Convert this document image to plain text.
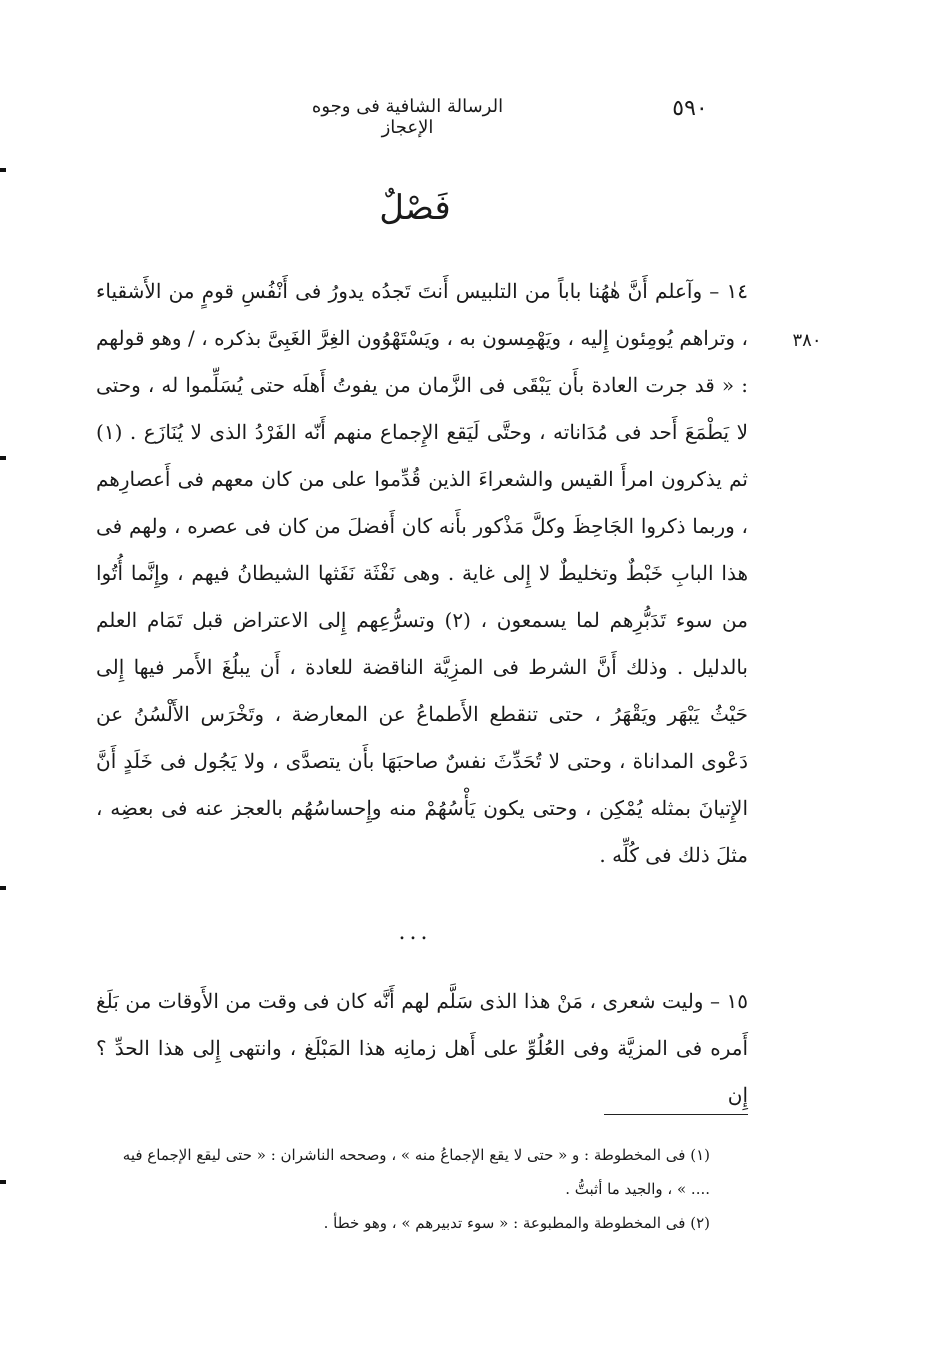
٥٩٠
الرسالة الشافية فى وجوه الإعجاز
فَصْلٌ
٣٨٠

١٤ – وآعلم أَنَّ هٰهُنا باباً من التلبيس أَنتَ تَجدُه يدورُ فى أَنْفُسِ قومٍ من الأَشقياء ، وتراهم يُومِئون إِليه ، ويَهْمِسون به ، ويَسْتَهْوُون الغِرَّ الغَبِىَّ بذكره ، / وهو قولهم : « قد جرت العادة بأَن يَبْقَى فى الزَّمان من يفوتُ أَهلَه حتى يُسَلِّموا له ، وحتى لا يَطْمَعَ أَحد فى مُدَاناته ، وحتَّى لَيَقع الإِجماع منهم أَنّه الفَرْدُ الذى لا يُنَازَع . (١) ثم يذكرون امرأَ القيس والشعراءَ الذين قُدِّموا على من كان معهم فى أَعصارِهم ، وربما ذكروا الجَاحِظَ وكلَّ مَذْكور بأَنه كان أَفضلَ من كان فى عصره ، ولهم فى هذا البابِ خَبْطٌ وتخليطٌ لا إِلى غاية . وهى نَفْثَة نَفَثها الشيطانُ فيهم ، وإِنَّما أُتُوا من سوء تَدَبُّرِهم لما يسمعون ، (٢) وتسرُّعِهم إِلى الاعتراض قبل تَمَام العلم بالدليل . وذلك أَنَّ الشرط فى المزِيَّة الناقضة للعادة ، أَن يبلُغَ الأَمر فيها إِلى حَيْثُ يَبْهَر ويَقْهَرُ ، حتى تنقطع الأَطماعُ عن المعارضة ، وتَخْرَس الأَلْسُنُ عن دَعْوى المداناة ، وحتى لا تُحَدِّثَ نفسٌ صاحبَهَا بأَن يتصدَّى ، ولا يَجُول فى خَلَدٍ أَنَّ الإِتيانَ بمثله يُمْكِن ، وحتى يكون يَأْسُهُمْ منه وإِحساسُهُم بالعجز عنه فى بعضِه ، مثلَ ذلك فى كُلِّه .

...

١٥ – وليت شعرى ، مَنْ هذا الذى سَلَّم لهم أَنَّه كان فى وقت من الأَوقات من بَلَغ أَمره فى المزيَّة وفى العُلُوِّ على أَهل زمانِه هذا المَبْلَغ ، وانتهى إِلى هذا الحدِّ ؟ إِن

(١) فى المخطوطة : و « حتى لا يقع الإجماعُ منه » ، وصححه الناشران : « حتى ليقع الإجماع فيه .... » ، والجيد ما أثبتُّ .

(٢) فى المخطوطة والمطبوعة : « سوء تدبيرهم » ، وهو خطأ .
